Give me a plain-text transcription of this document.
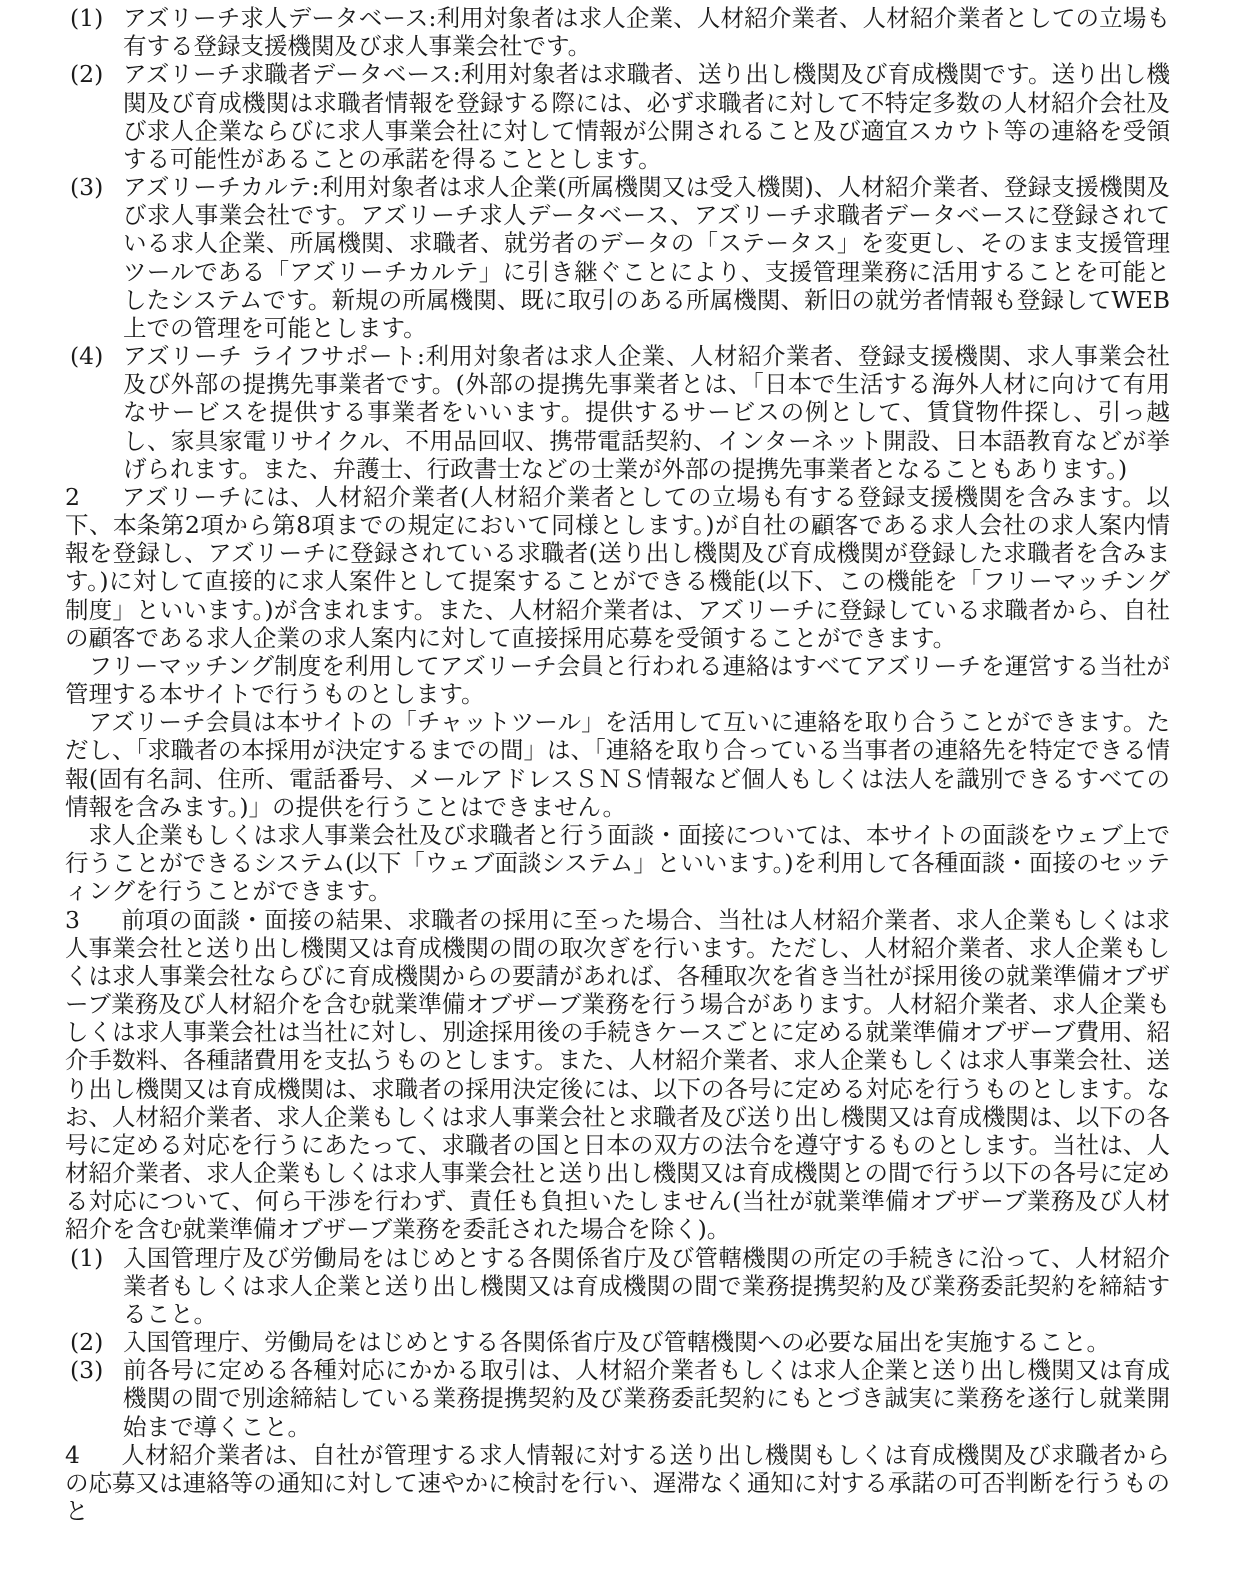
(1) アズリーチ求人データベース:利用対象者は求人企業、人材紹介業者、人材紹介業者としての立場も有する登録支援機関及び求人事業会社です。
(2) アズリーチ求職者データベース:利用対象者は求職者、送り出し機関及び育成機関です。送り出し機関及び育成機関は求職者情報を登録する際には、必ず求職者に対して不特定多数の人材紹介会社及び求人企業ならびに求人事業会社に対して情報が公開されること及び適宜スカウト等の連絡を受領する可能性があることの承諾を得ることとします。
(3) アズリーチカルテ:利用対象者は求人企業(所属機関又は受入機関)、人材紹介業者、登録支援機関及び求人事業会社です。アズリーチ求人データベース、アズリーチ求職者データベースに登録されている求人企業、所属機関、求職者、就労者のデータの「ステータス」を変更し、そのまま支援管理ツールである「アズリーチカルテ」に引き継ぐことにより、支援管理業務に活用することを可能としたシステムです。新規の所属機関、既に取引のある所属機関、新旧の就労者情報も登録してWEB上での管理を可能とします。
(4) アズリーチ ライフサポート:利用対象者は求人企業、人材紹介業者、登録支援機関、求人事業会社及び外部の提携先事業者です。(外部の提携先事業者とは、「日本で生活する海外人材に向けて有用なサービスを提供する事業者をいいます。提供するサービスの例として、賃貸物件探し、引っ越し、家具家電リサイクル、不用品回収、携帯電話契約、インターネット開設、日本語教育などが挙げられます。また、弁護士、行政書士などの士業が外部の提携先事業者となることもあります。)
2 アズリーチには、人材紹介業者(人材紹介業者としての立場も有する登録支援機関を含みます。以下、本条第2項から第8項までの規定において同様とします。)が自社の顧客である求人会社の求人案内情報を登録し、アズリーチに登録されている求職者(送り出し機関及び育成機関が登録した求職者を含みます。)に対して直接的に求人案件として提案することができる機能(以下、この機能を「フリーマッチング制度」といいます。)が含まれます。また、人材紹介業者は、アズリーチに登録している求職者から、自社の顧客である求人企業の求人案内に対して直接採用応募を受領することができます。
フリーマッチング制度を利用してアズリーチ会員と行われる連絡はすべてアズリーチを運営する当社が管理する本サイトで行うものとします。
アズリーチ会員は本サイトの「チャットツール」を活用して互いに連絡を取り合うことができます。ただし、「求職者の本採用が決定するまでの間」は、「連絡を取り合っている当事者の連絡先を特定できる情報(固有名詞、住所、電話番号、メールアドレスＳＮＳ情報など個人もしくは法人を識別できるすべての情報を含みます。)」の提供を行うことはできません。
求人企業もしくは求人事業会社及び求職者と行う面談・面接については、本サイトの面談をウェブ上で行うことができるシステム(以下「ウェブ面談システム」といいます。)を利用して各種面談・面接のセッティングを行うことができます。
3 前項の面談・面接の結果、求職者の採用に至った場合、当社は人材紹介業者、求人企業もしくは求人事業会社と送り出し機関又は育成機関の間の取次ぎを行います。ただし、人材紹介業者、求人企業もしくは求人事業会社ならびに育成機関からの要請があれば、各種取次を省き当社が採用後の就業準備オブザーブ業務及び人材紹介を含む就業準備オブザーブ業務を行う場合があります。人材紹介業者、求人企業もしくは求人事業会社は当社に対し、別途採用後の手続きケースごとに定める就業準備オブザーブ費用、紹介手数料、各種諸費用を支払うものとします。また、人材紹介業者、求人企業もしくは求人事業会社、送り出し機関又は育成機関は、求職者の採用決定後には、以下の各号に定める対応を行うものとします。なお、人材紹介業者、求人企業もしくは求人事業会社と求職者及び送り出し機関又は育成機関は、以下の各号に定める対応を行うにあたって、求職者の国と日本の双方の法令を遵守するものとします。当社は、人材紹介業者、求人企業もしくは求人事業会社と送り出し機関又は育成機関との間で行う以下の各号に定める対応について、何ら干渉を行わず、責任も負担いたしません(当社が就業準備オブザーブ業務及び人材紹介を含む就業準備オブザーブ業務を委託された場合を除く)。
(1) 入国管理庁及び労働局をはじめとする各関係省庁及び管轄機関の所定の手続きに沿って、人材紹介業者もしくは求人企業と送り出し機関又は育成機関の間で業務提携契約及び業務委託契約を締結すること。
(2) 入国管理庁、労働局をはじめとする各関係省庁及び管轄機関への必要な届出を実施すること。
(3) 前各号に定める各種対応にかかる取引は、人材紹介業者もしくは求人企業と送り出し機関又は育成機関の間で別途締結している業務提携契約及び業務委託契約にもとづき誠実に業務を遂行し就業開始まで導くこと。
4 人材紹介業者は、自社が管理する求人情報に対する送り出し機関もしくは育成機関及び求職者からの応募又は連絡等の通知に対して速やかに検討を行い、遅滞なく通知に対する承諾の可否判断を行うものと
